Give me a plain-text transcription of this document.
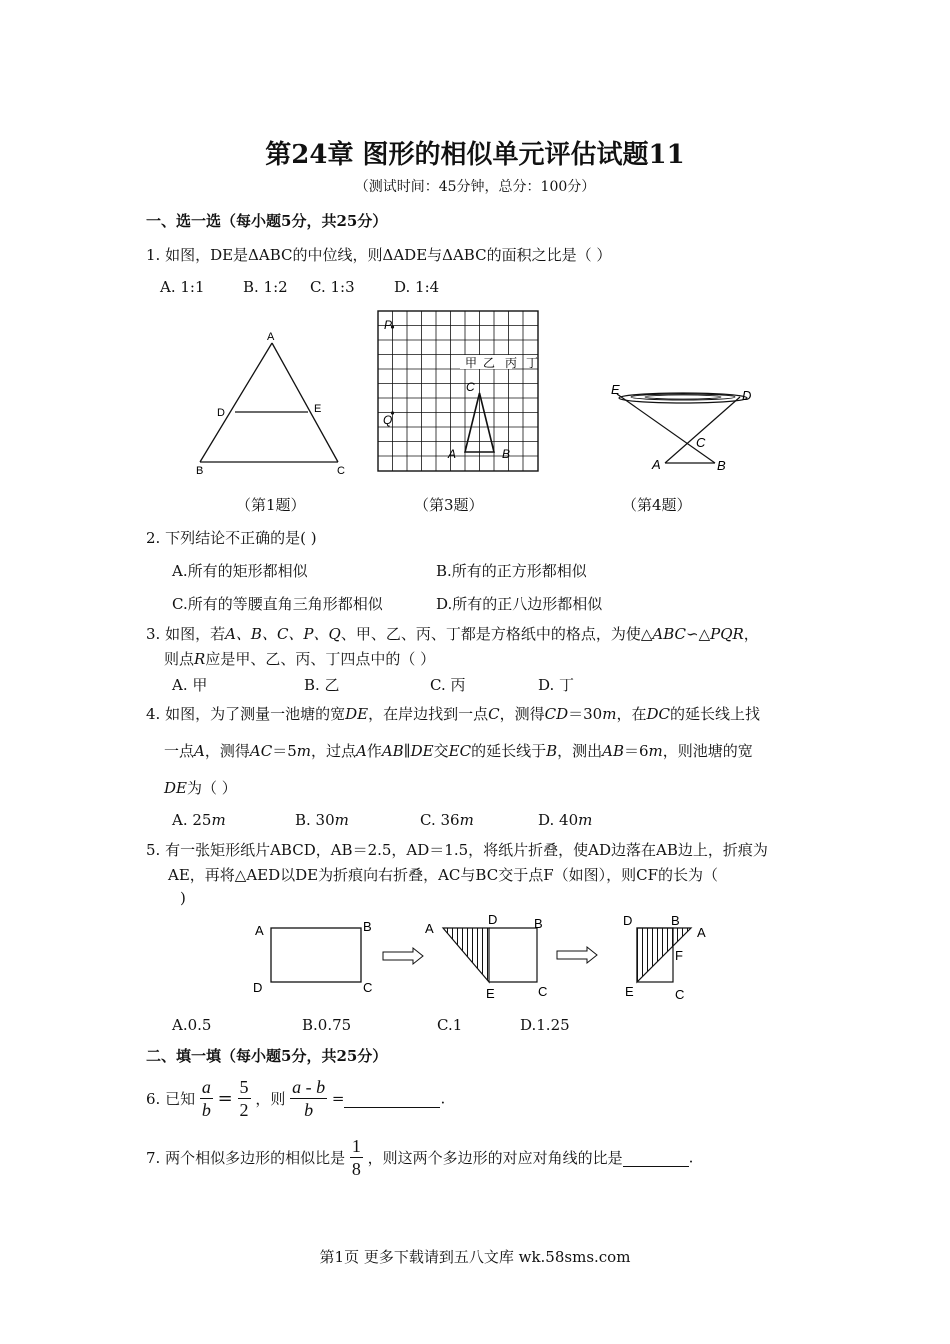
第24章 图形的相似单元评估试题11
（测试时间：45分钟，总分：100分）
一、选一选（每小题5分，共25分）
1. 如图，DE是ΔABC的中位线，则ΔADE与ΔABC的面积之比是（ ）
A. 1:1	B. 1:2 C. 1:3	D. 1:4
A
B	C
D	E
P
Q
C
A	B
甲 乙 丙 丁
E	D
C
A	B
（第1题）	（第3题）	（第4题）
2. 下列结论不正确的是( )
A.所有的矩形都相似	B.所有的正方形都相似
C.所有的等腰直角三角形都相似	D.所有的正八边形都相似
3. 如图，若A、B、C、P、Q、甲、乙、丙、丁都是方格纸中的格点，为使△ABC∽△PQR，
则点R应是甲、乙、丙、丁四点中的（ ）
A. 甲	B. 乙	C. 丙	D. 丁
4. 如图，为了测量一池塘的宽DE，在岸边找到一点C，测得CD＝30m，在DC的延长线上找
一点A，测得AC＝5m，过点A作AB∥DE交EC的延长线于B，测出AB＝6m，则池塘的宽
DE为（ ）
A. 25m	B. 30m	C. 36m	D. 40m
5. 有一张矩形纸片ABCD，AB＝2.5，AD＝1.5，将纸片折叠，使AD边落在AB边上，折痕为
AE，再将△AED以DE为折痕向右折叠，AC与BC交于点F（如图），则CF的长为（
)
A	B
D	C
A
D	B
E	C
D	B
A
F
E	C
A.0.5	B.0.75	C.1	D.1.25
二、填一填（每小题5分，共25分）
6. 已知 $\frac{a}{b} = \frac{5}{2}$ ，则 $\frac{a - b}{b}$ =	.
7. 两个相似多边形的相似比是 $\frac{1}{8}$ ，则这两个多边形的对应对角线的比是	.
第1页 更多下载请到五八文库 wk.58sms.com
